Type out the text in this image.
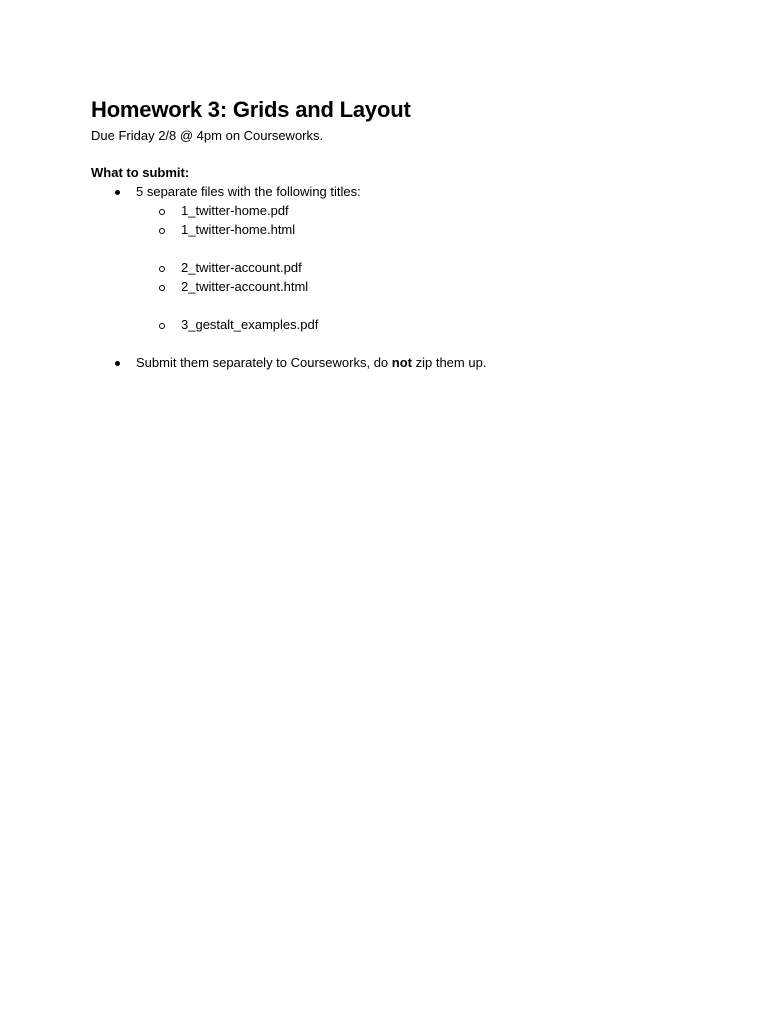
Homework 3: Grids and Layout
Due Friday 2/8 @ 4pm on Courseworks.
What to submit:
5 separate files with the following titles:
1_twitter-home.pdf
1_twitter-home.html
2_twitter-account.pdf
2_twitter-account.html
3_gestalt_examples.pdf
Submit them separately to Courseworks, do not zip them up.
